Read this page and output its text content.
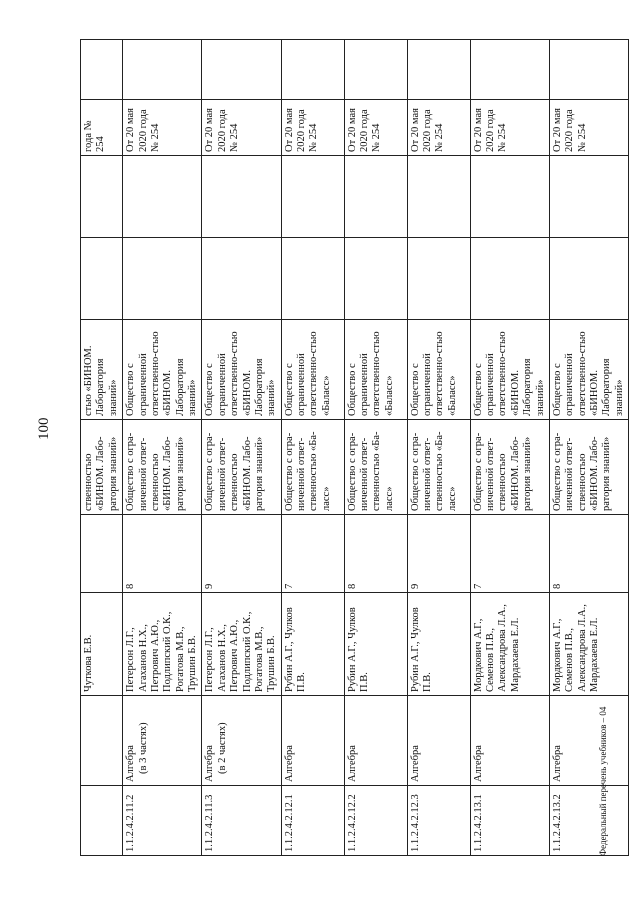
100

	Чуткова Е.В.		ственностью «БИНОМ. Лабо-ратория знаний»	стью «БИНОМ. Лаборатория знаний»			года № 254	
1.1.2.4.2.11.2	Алгебра (в 3 частях)	Петерсон Л.Г., Агаханов Н.Х., Петрович А.Ю., Подлипский О.К., Рогатова М.В., Трушин Б.В.	8	Общество с огра-ниченной ответ-ственностью «БИНОМ. Лабо-ратория знаний»	Общество с ограниченной ответственно-стью «БИНОМ. Лаборатория знаний»			От 20 мая 2020 года № 254	
1.1.2.4.2.11.3	Алгебра (в 2 частях)	Петерсон Л.Г., Агаханов Н.Х., Петрович А.Ю., Подлипский О.К., Рогатова М.В., Трушин Б.В.	9	Общество с огра-ниченной ответ-ственностью «БИНОМ. Лабо-ратория знаний»	Общество с ограниченной ответственно-стью «БИНОМ. Лаборатория знаний»			От 20 мая 2020 года № 254	
1.1.2.4.2.12.1	Алгебра	Рубин А.Г., Чулков П.В.	7	Общество с огра-ниченной ответ-ственностью «Ба-ласс»	Общество с ограниченной ответственно-стью «Баласс»			От 20 мая 2020 года № 254	
1.1.2.4.2.12.2	Алгебра	Рубин А.Г., Чулков П.В.	8	Общество с огра-ниченной ответ-ственностью «Ба-ласс»	Общество с ограниченной ответственно-стью «Баласс»			От 20 мая 2020 года № 254	
1.1.2.4.2.12.3	Алгебра	Рубин А.Г., Чулков П.В.	9	Общество с огра-ниченной ответ-ственностью «Ба-ласс»	Общество с ограниченной ответственно-стью «Баласс»			От 20 мая 2020 года № 254	
1.1.2.4.2.13.1	Алгебра	Мордкович А.Г., Семенов П.В., Александрова Л.А., Мардахаева Е.Л.	7	Общество с огра-ниченной ответ-ственностью «БИНОМ. Лабо-ратория знаний»	Общество с ограниченной ответственно-стью «БИНОМ. Лаборатория знаний»			От 20 мая 2020 года № 254	
1.1.2.4.2.13.2	Алгебра	Мордкович А.Г., Семенов П.В., Александрова Л.А., Мардахаева Е.Л.	8	Общество с огра-ниченной ответ-ственностью «БИНОМ. Лабо-ратория знаний»	Общество с ограниченной ответственно-стью «БИНОМ. Лаборатория знаний»			От 20 мая 2020 года № 254	
Федеральный перечень учебников – 04
